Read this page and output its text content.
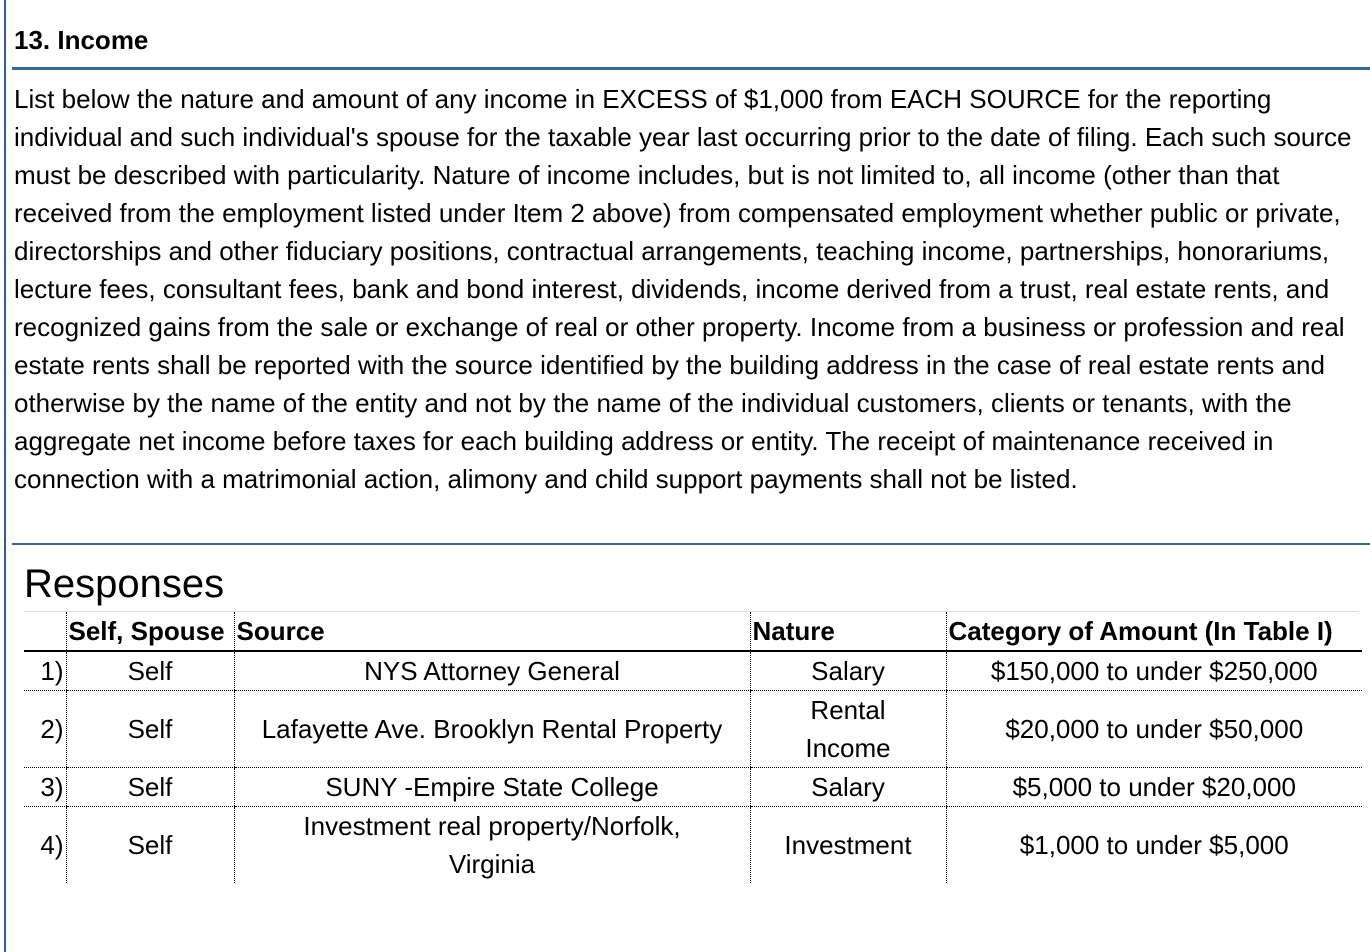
13. Income

List below the nature and amount of any income in EXCESS of $1,000 from EACH SOURCE for the reporting individual and such individual's spouse for the taxable year last occurring prior to the date of filing. Each such source must be described with particularity. Nature of income includes, but is not limited to, all income (other than that received from the employment listed under Item 2 above) from compensated employment whether public or private, directorships and other fiduciary positions, contractual arrangements, teaching income, partnerships, honorariums, lecture fees, consultant fees, bank and bond interest, dividends, income derived from a trust, real estate rents, and recognized gains from the sale or exchange of real or other property. Income from a business or profession and real estate rents shall be reported with the source identified by the building address in the case of real estate rents and otherwise by the name of the entity and not by the name of the individual customers, clients or tenants, with the aggregate net income before taxes for each building address or entity. The receipt of maintenance received in connection with a matrimonial action, alimony and child support payments shall not be listed.

Responses
	Self, Spouse	Source	Nature	Category of Amount (In Table I)
1)	Self	NYS Attorney General	Salary	$150,000 to under $250,000
2)	Self	Lafayette Ave. Brooklyn Rental Property	Rental Income	$20,000 to under $50,000
3)	Self	SUNY -Empire State College	Salary	$5,000 to under $20,000
4)	Self	Investment real property/Norfolk, Virginia	Investment	$1,000 to under $5,000
